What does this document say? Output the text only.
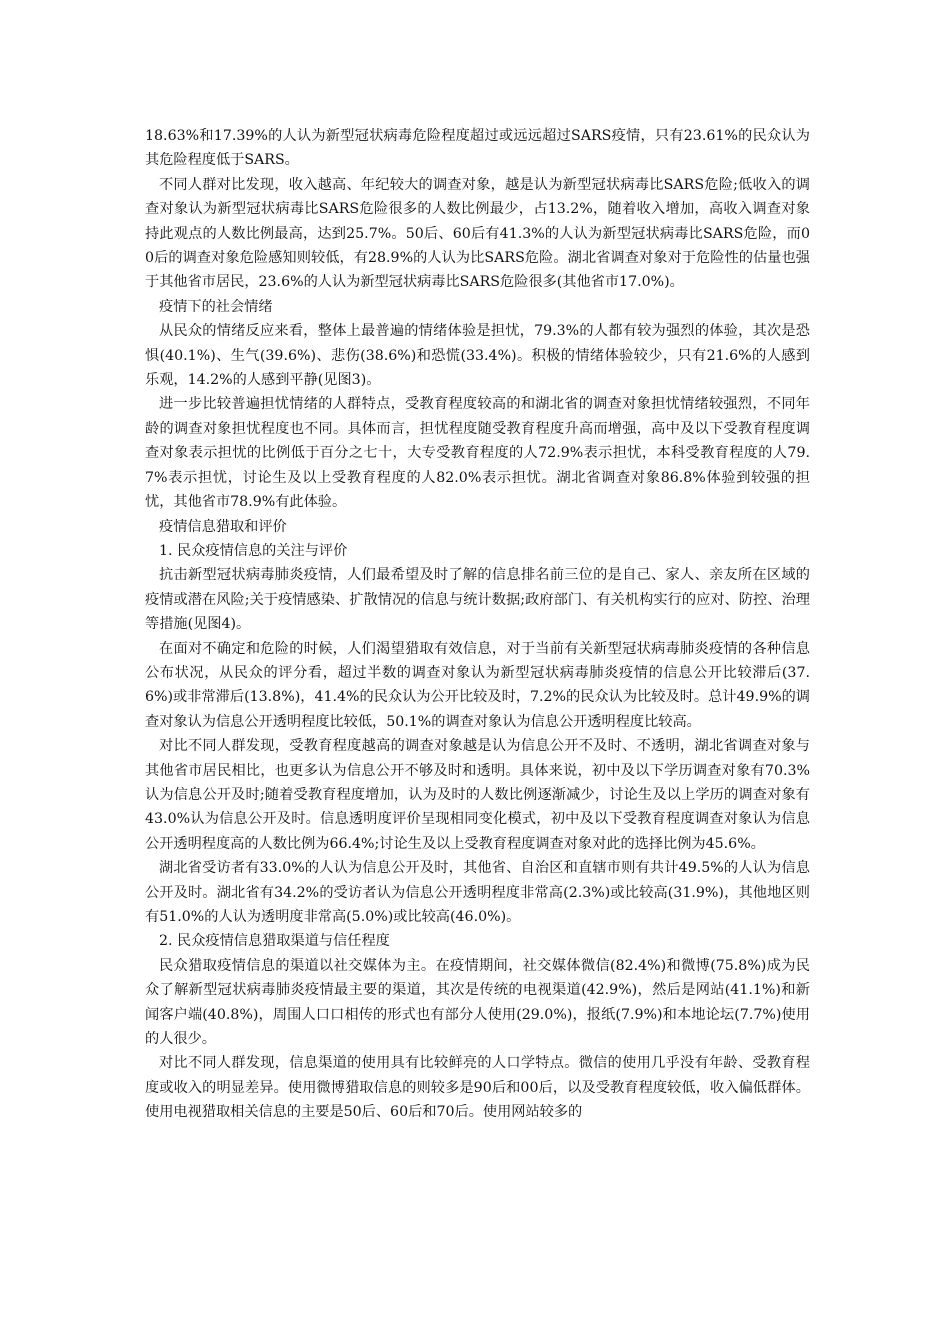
18.63%和17.39%的人认为新型冠状病毒危险程度超过或远远超过SARS疫情，只有23.61%的民众认为其危险程度低于SARS。

不同人群对比发现，收入越高、年纪较大的调查对象，越是认为新型冠状病毒比SARS危险;低收入的调查对象认为新型冠状病毒比SARS危险很多的人数比例最少，占13.2%，随着收入增加，高收入调查对象持此观点的人数比例最高，达到25.7%。50后、60后有41.3%的人认为新型冠状病毒比SARS危险，而00后的调查对象危险感知则较低，有28.9%的人认为比SARS危险。湖北省调查对象对于危险性的估量也强于其他省市居民，23.6%的人认为新型冠状病毒比SARS危险很多(其他省市17.0%)。

疫情下的社会情绪

从民众的情绪反应来看，整体上最普遍的情绪体验是担忧，79.3%的人都有较为强烈的体验，其次是恐惧(40.1%)、生气(39.6%)、悲伤(38.6%)和恐慌(33.4%)。积极的情绪体验较少，只有21.6%的人感到乐观，14.2%的人感到平静(见图3)。

进一步比较普遍担忧情绪的人群特点，受教育程度较高的和湖北省的调查对象担忧情绪较强烈，不同年龄的调查对象担忧程度也不同。具体而言，担忧程度随受教育程度升高而增强，高中及以下受教育程度调查对象表示担忧的比例低于百分之七十，大专受教育程度的人72.9%表示担忧，本科受教育程度的人79.7%表示担忧，讨论生及以上受教育程度的人82.0%表示担忧。湖北省调查对象86.8%体验到较强的担忧，其他省市78.9%有此体验。

疫情信息猎取和评价

1. 民众疫情信息的关注与评价

抗击新型冠状病毒肺炎疫情，人们最希望及时了解的信息排名前三位的是自己、家人、亲友所在区域的疫情或潜在风险;关于疫情感染、扩散情况的信息与统计数据;政府部门、有关机构实行的应对、防控、治理等措施(见图4)。

在面对不确定和危险的时候，人们渴望猎取有效信息，对于当前有关新型冠状病毒肺炎疫情的各种信息公布状况，从民众的评分看，超过半数的调查对象认为新型冠状病毒肺炎疫情的信息公开比较滞后(37.6%)或非常滞后(13.8%)，41.4%的民众认为公开比较及时，7.2%的民众认为比较及时。总计49.9%的调查对象认为信息公开透明程度比较低，50.1%的调查对象认为信息公开透明程度比较高。

对比不同人群发现，受教育程度越高的调查对象越是认为信息公开不及时、不透明，湖北省调查对象与其他省市居民相比，也更多认为信息公开不够及时和透明。具体来说，初中及以下学历调查对象有70.3%认为信息公开及时;随着受教育程度增加，认为及时的人数比例逐渐减少，讨论生及以上学历的调查对象有43.0%认为信息公开及时。信息透明度评价呈现相同变化模式，初中及以下受教育程度调查对象认为信息公开透明程度高的人数比例为66.4%;讨论生及以上受教育程度调查对象对此的选择比例为45.6%。

湖北省受访者有33.0%的人认为信息公开及时，其他省、自治区和直辖市则有共计49.5%的人认为信息公开及时。湖北省有34.2%的受访者认为信息公开透明程度非常高(2.3%)或比较高(31.9%)，其他地区则有51.0%的人认为透明度非常高(5.0%)或比较高(46.0%)。

2. 民众疫情信息猎取渠道与信任程度

民众猎取疫情信息的渠道以社交媒体为主。在疫情期间，社交媒体微信(82.4%)和微博(75.8%)成为民众了解新型冠状病毒肺炎疫情最主要的渠道，其次是传统的电视渠道(42.9%)，然后是网站(41.1%)和新闻客户端(40.8%)，周围人口口相传的形式也有部分人使用(29.0%)，报纸(7.9%)和本地论坛(7.7%)使用的人很少。

对比不同人群发现，信息渠道的使用具有比较鲜亮的人口学特点。微信的使用几乎没有年龄、受教育程度或收入的明显差异。使用微博猎取信息的则较多是90后和00后，以及受教育程度较低，收入偏低群体。使用电视猎取相关信息的主要是50后、60后和70后。使用网站较多的
